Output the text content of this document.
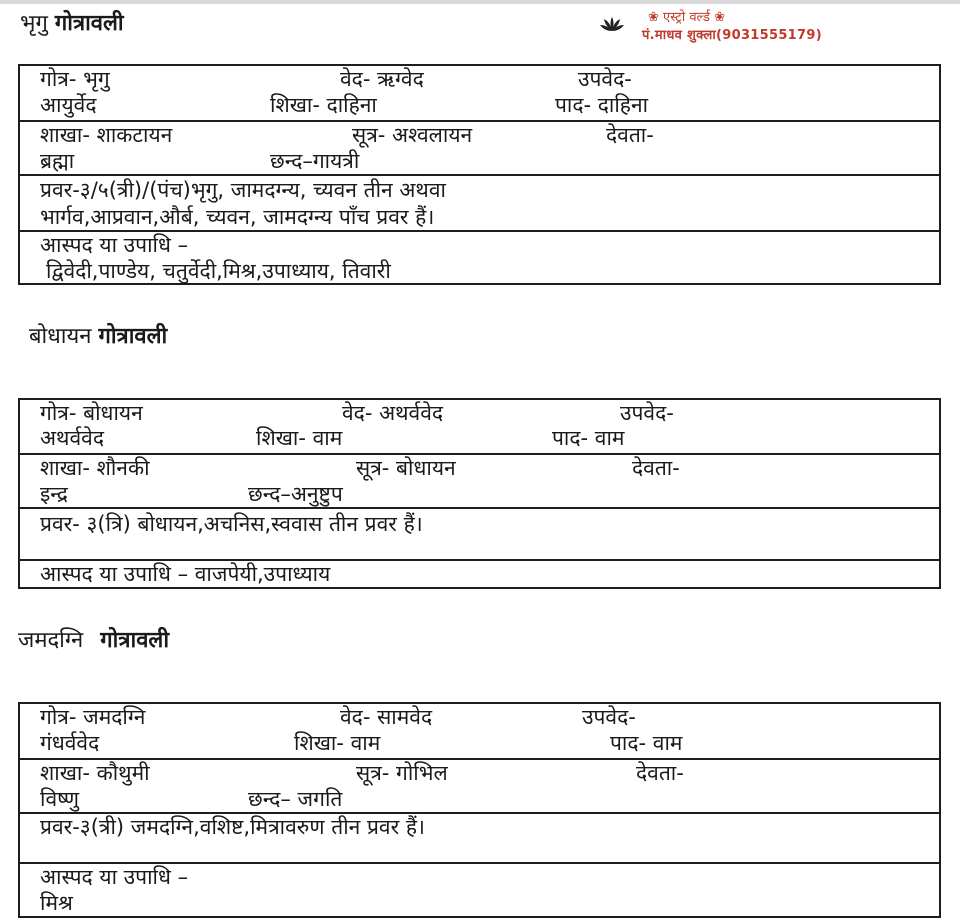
❀ एस्ट्रो वर्ल्ड ❀
पं.माधव शुक्ला(9031555179)
भृगु गोत्रावली
गोत्र- भृगु	वेद- ऋग्वेद	उपवेद-
आयुर्वेद	शिखा- दाहिना	पाद- दाहिना
शाखा- शाकटायन	सूत्र- अश्वलायन	देवता-
ब्रह्मा	छन्द–गायत्री
प्रवर-३/५(त्री)/(पंच)भृगु, जामदग्न्य, च्यवन तीन अथवा
भार्गव,आप्रवान,और्ब, च्यवन, जामदग्न्य पाँच प्रवर हैं।
आस्पद या उपाधि –
द्विवेदी,पाण्डेय, चतुर्वेदी,मिश्र,उपाध्याय, तिवारी
बोधायन गोत्रावली
गोत्र- बोधायन	वेद- अथर्ववेद	उपवेद-
अथर्ववेद	शिखा- वाम	पाद- वाम
शाखा- शौनकी	सूत्र- बोधायन	देवता-
इन्द्र	छन्द–अनुष्टुप
प्रवर- ३(त्रि) बोधायन,अचनिस,स्ववास तीन प्रवर हैं।
आस्पद या उपाधि – वाजपेयी,उपाध्याय
जमदग्नि गोत्रावली
गोत्र- जमदग्नि	वेद- सामवेद	उपवेद-
गंधर्ववेद	शिखा- वाम	पाद- वाम
शाखा- कौथुमी	सूत्र- गोभिल	देवता-
विष्णु	छन्द– जगति
प्रवर-३(त्री) जमदग्नि,वशिष्ट,मित्रावरुण तीन प्रवर हैं।
आस्पद या उपाधि –
मिश्र
